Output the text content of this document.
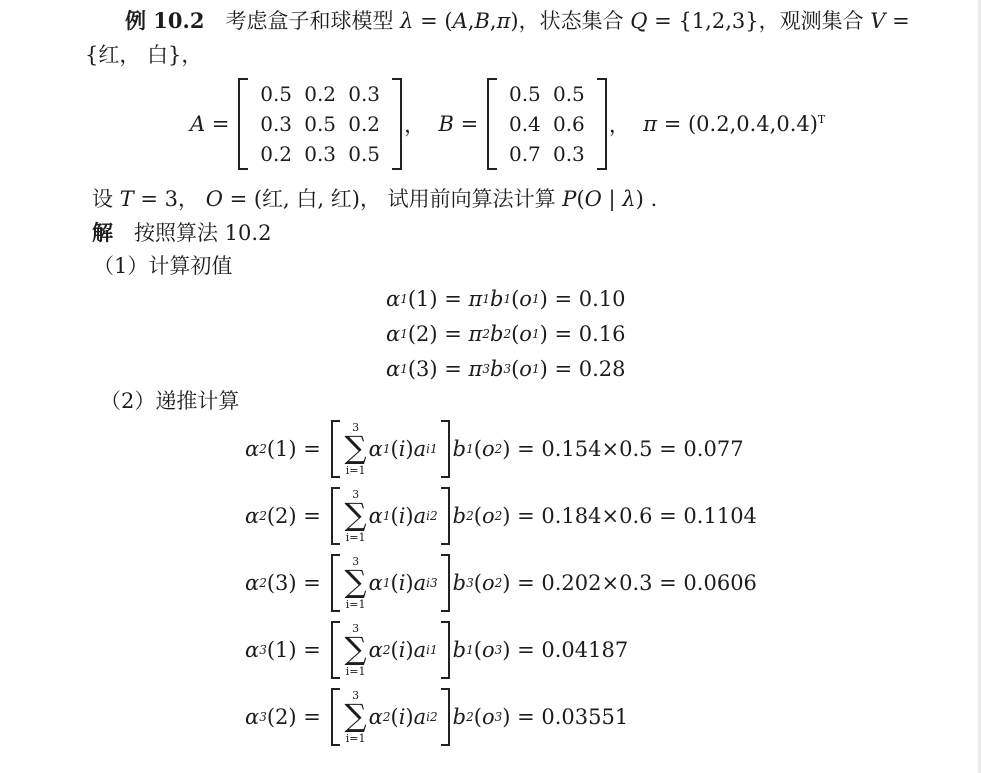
例 10.2　考虑盒子和球模型 λ = (A,B,π)，状态集合 Q = {1,2,3}，观测集合 V =
{红， 白}，
A =
0.5 0.2 0.3
0.3 0.5 0.2
0.2 0.3 0.5
， B =
0.5 0.5
0.4 0.6
0.7 0.3
， $\pi = (0.2,0.4,0.4)^T$
设 T = 3， O = (红, 白, 红)， 试用前向算法计算 P(O | λ) .
解　按照算法 10.2
（1）计算初值
α 1 (1) = π 1 b 1 ( o 1 ) = 0.10
α 1 (2) = π 2 b 2 ( o 1 ) = 0.16
α 1 (3) = π 3 b 3 ( o 1 ) = 0.28
（2）递推计算
α 2 (1) =
3
∑
i=1
α 1 ( i ) a i1 b 1 ( o 2 ) = 0.154×0.5 = 0.077
α 2 (2) =
3
∑
i=1
α 1 ( i ) a i2 b 2 ( o 2 ) = 0.184×0.6 = 0.1104
α 2 (3) =
3
∑
i=1
α 1 ( i ) a i3 b 3 ( o 2 ) = 0.202×0.3 = 0.0606
α 3 (1) =
3
∑
i=1
α 2 ( i ) a i1 b 1 ( o 3 ) = 0.04187
α 3 (2) =
3
∑
i=1
α 2 ( i ) a i2 b 2 ( o 3 ) = 0.03551
